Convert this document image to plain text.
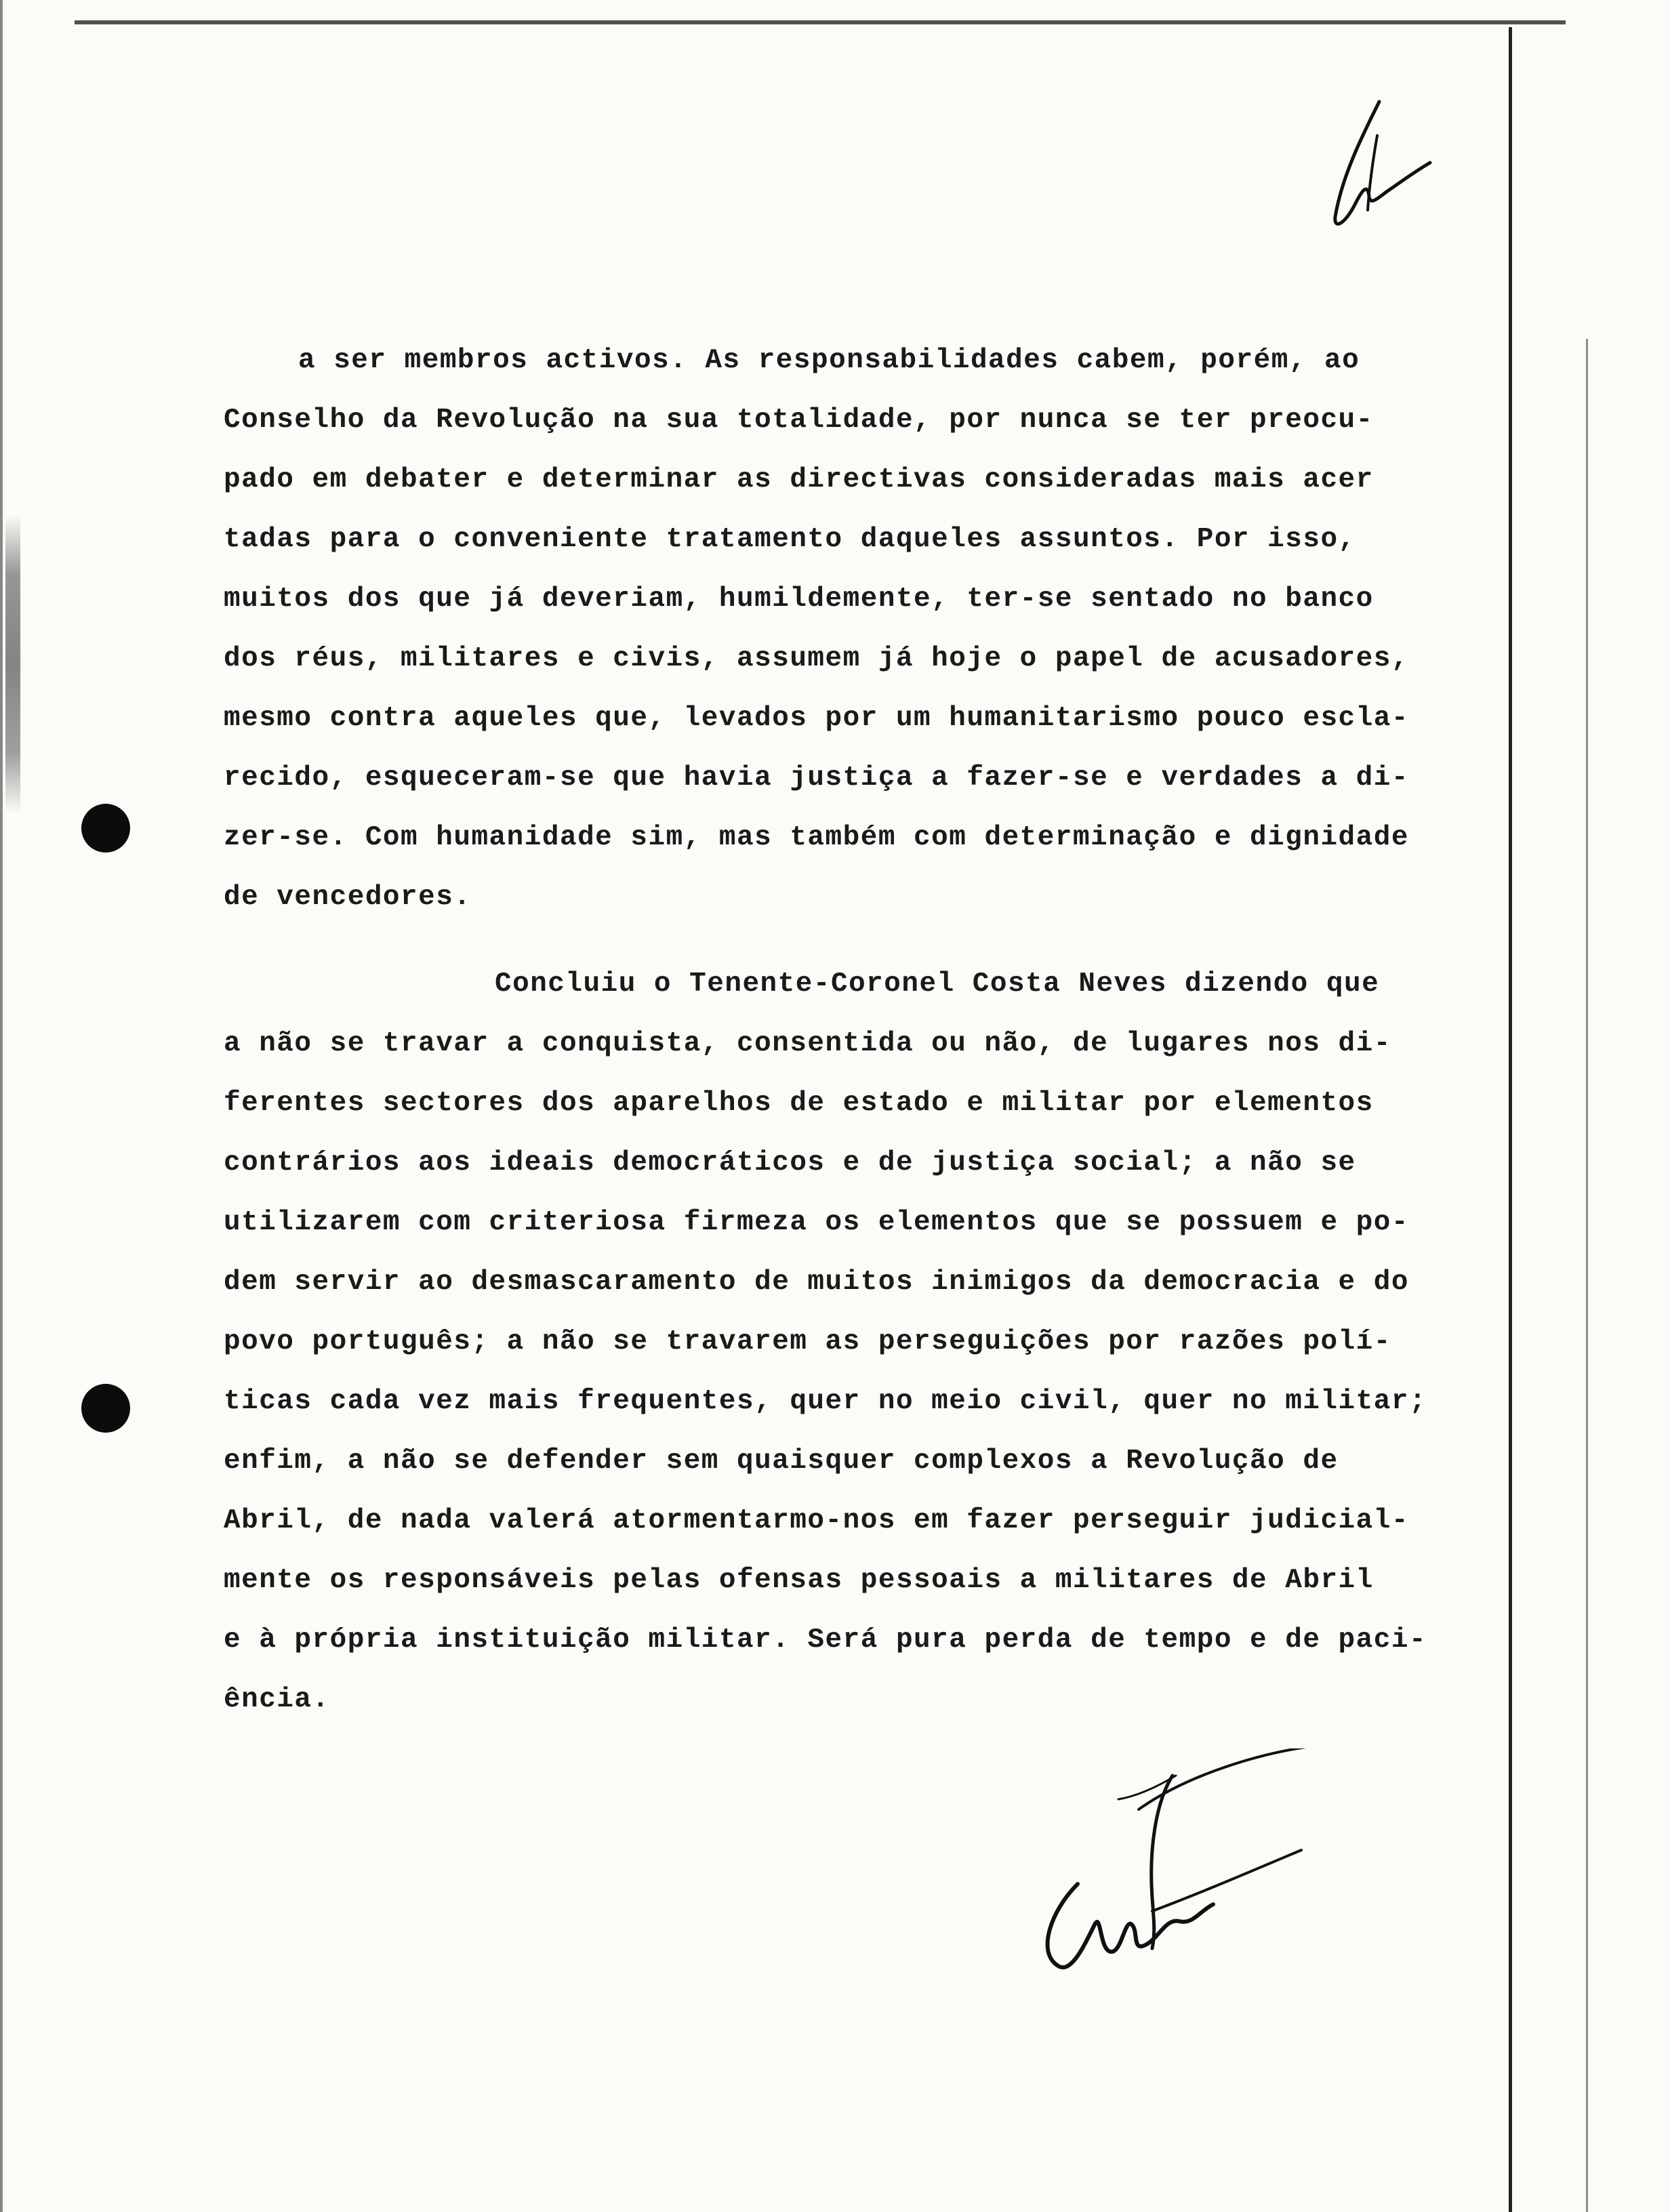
a ser membros activos. As responsabilidades cabem, porém, ao
Conselho da Revolução na sua totalidade, por nunca se ter preocu-
pado em debater e determinar as directivas consideradas mais acer
tadas para o conveniente tratamento daqueles assuntos. Por isso,
muitos dos que já deveriam, humildemente, ter-se sentado no banco
dos réus, militares e civis, assumem já hoje o papel de acusadores,
mesmo contra aqueles que, levados por um humanitarismo pouco escla-
recido, esqueceram-se que havia justiça a fazer-se e verdades a di-
zer-se. Com humanidade sim, mas também com determinação e dignidade
de vencedores.
Concluiu o Tenente-Coronel Costa Neves dizendo que
a não se travar a conquista, consentida ou não, de lugares nos di-
ferentes sectores dos aparelhos de estado e militar por elementos
contrários aos ideais democráticos e de justiça social; a não se
utilizarem com criteriosa firmeza os elementos que se possuem e po-
dem servir ao desmascaramento de muitos inimigos da democracia e do
povo português; a não se travarem as perseguições por razões polí-
ticas cada vez mais frequentes, quer no meio civil, quer no militar;
enfim, a não se defender sem quaisquer complexos a Revolução de
Abril, de nada valerá atormentarmo-nos em fazer perseguir judicial-
mente os responsáveis pelas ofensas pessoais a militares de Abril
e à própria instituição militar. Será pura perda de tempo e de paci-
ência.
